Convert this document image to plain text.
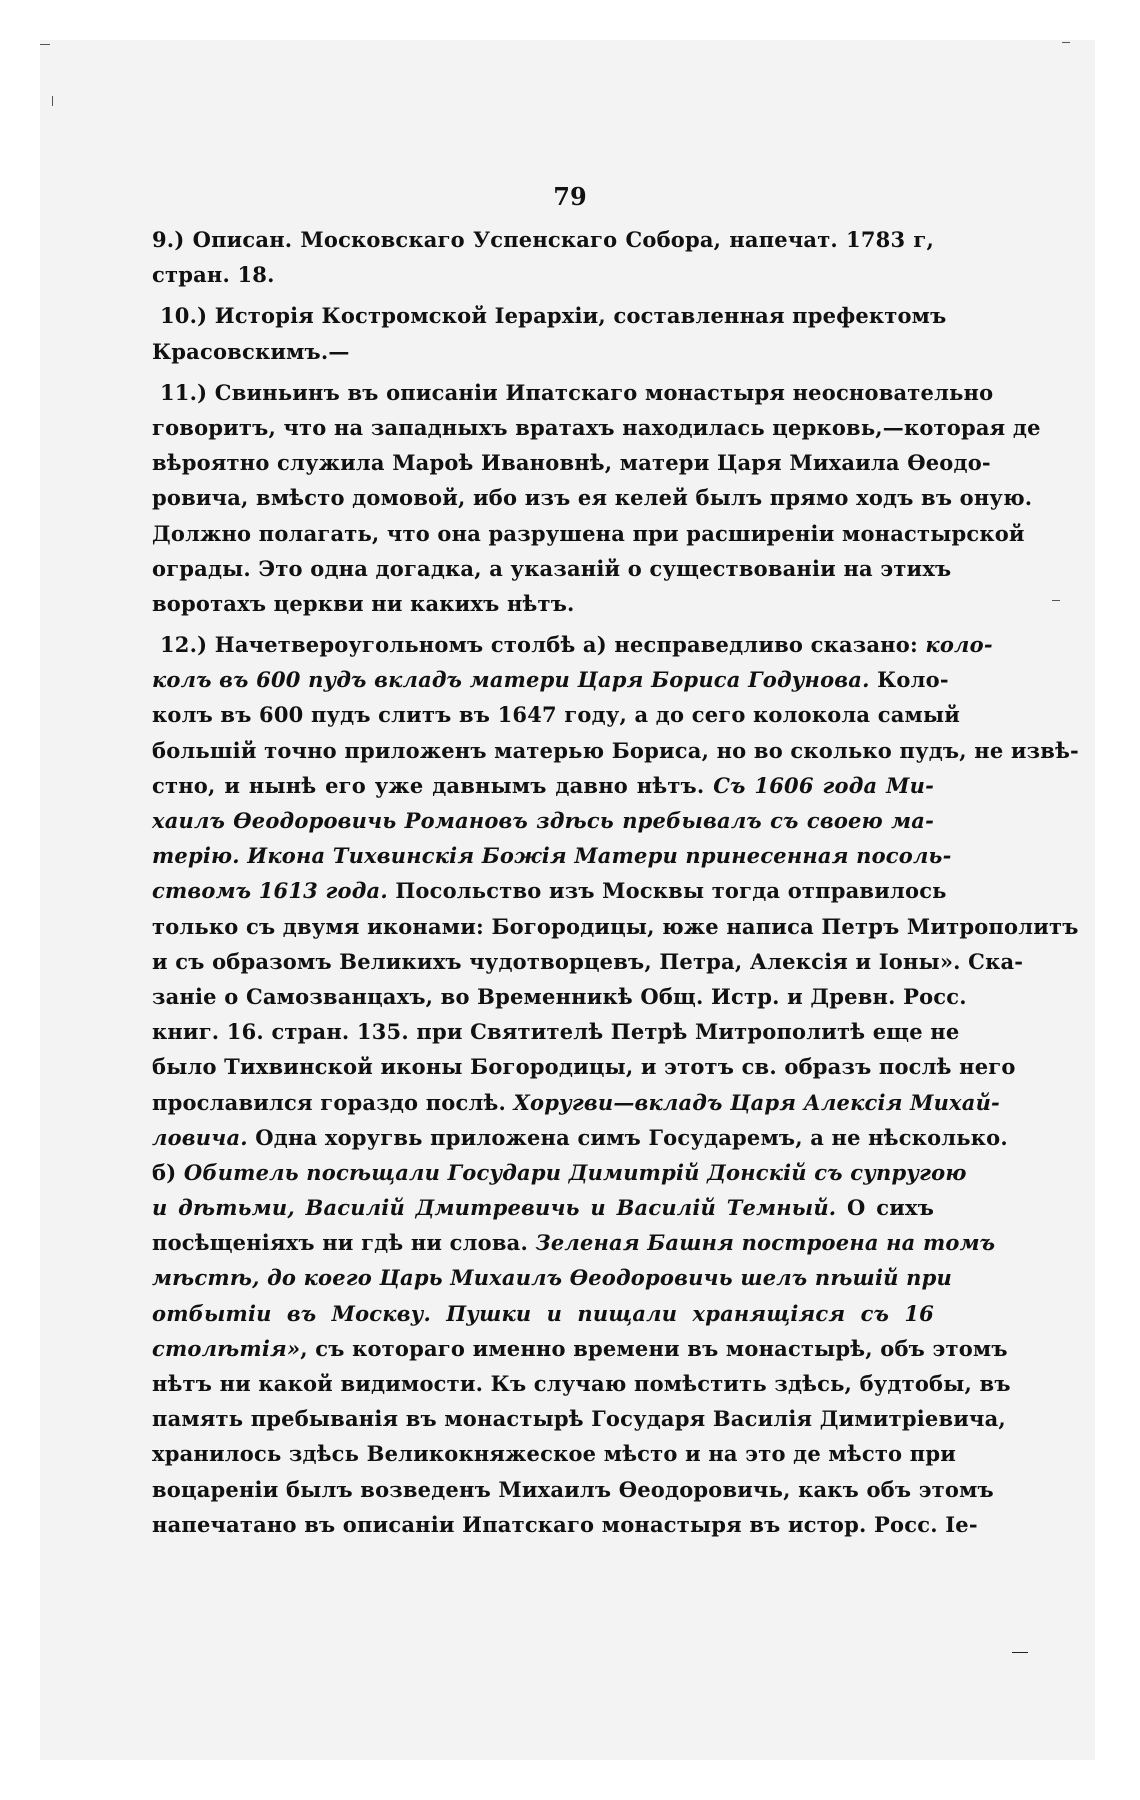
79
9.) Описан. Московскаго Успенскаго Собора, напечат. 1783 г,
стран. 18.
10.) Исторія Костромской Іерархіи, составленная префектомъ
Красовскимъ.—
11.) Свиньинъ въ описаніи Ипатскаго монастыря неосновательно
говоритъ, что на западныхъ вратахъ находилась церковь,—которая де
вѣроятно служила Мароѣ Ивановнѣ, матери Царя Михаила Ѳеодо-
ровича, вмѣсто домовой, ибо изъ ея келей былъ прямо ходъ въ оную.
Должно полагать, что она разрушена при расширеніи монастырской
ограды. Это одна догадка, а указаній о существованіи на этихъ
воротахъ церкви ни какихъ нѣтъ.
12.) Начетвероугольномъ столбѣ а) несправедливо сказано: коло-
колъ въ 600 пудъ вкладъ матери Царя Бориса Годунова. Коло-
колъ въ 600 пудъ слитъ въ 1647 году, а до сего колокола самый
большій точно приложенъ матерью Бориса, но во сколько пудъ, не извѣ-
стно, и нынѣ его уже давнымъ давно нѣтъ. Съ 1606 года Ми-
хаилъ Ѳеодоровичь Романовъ здѣсь пребывалъ съ своею ма-
терію. Икона Тихвинскія Божія Матери принесенная посоль-
ствомъ 1613 года. Посольство изъ Москвы тогда отправилось
только съ двумя иконами: Богородицы, юже написа Петръ Митрополитъ
и съ образомъ Великихъ чудотворцевъ, Петра, Алексія и Іоны». Ска-
заніе о Самозванцахъ, во Временникѣ Общ. Истр. и Древн. Росс.
книг. 16. стран. 135. при Святителѣ Петрѣ Митрополитѣ еще не
было Тихвинской иконы Богородицы, и этотъ св. образъ послѣ него
прославился гораздо послѣ. Хоругви—вкладъ Царя Алексія Михай-
ловича. Одна хоругвь приложена симъ Государемъ, а не нѣсколько.
б) Обитель посѣщали Государи Димитрій Донскій съ супругою
и дѣтьми, Василій Дмитревичь и Василій Темный. О сихъ
посѣщеніяхъ ни гдѣ ни слова. Зеленая Башня построена на томъ
мѣстѣ, до коего Царь Михаилъ Ѳеодоровичь шелъ пѣшій при
отбытіи въ Москву. Пушки и пищали хранящіяся съ 16
столѣтія», съ котораго именно времени въ монастырѣ, объ этомъ
нѣтъ ни какой видимости. Къ случаю помѣстить здѣсь, будтобы, въ
память пребыванія въ монастырѣ Государя Василія Димитріевича,
хранилось здѣсь Великокняжеское мѣсто и на это де мѣсто при
воцареніи былъ возведенъ Михаилъ Ѳеодоровичь, какъ объ этомъ
напечатано въ описаніи Ипатскаго монастыря въ истор. Росс. Іе-
